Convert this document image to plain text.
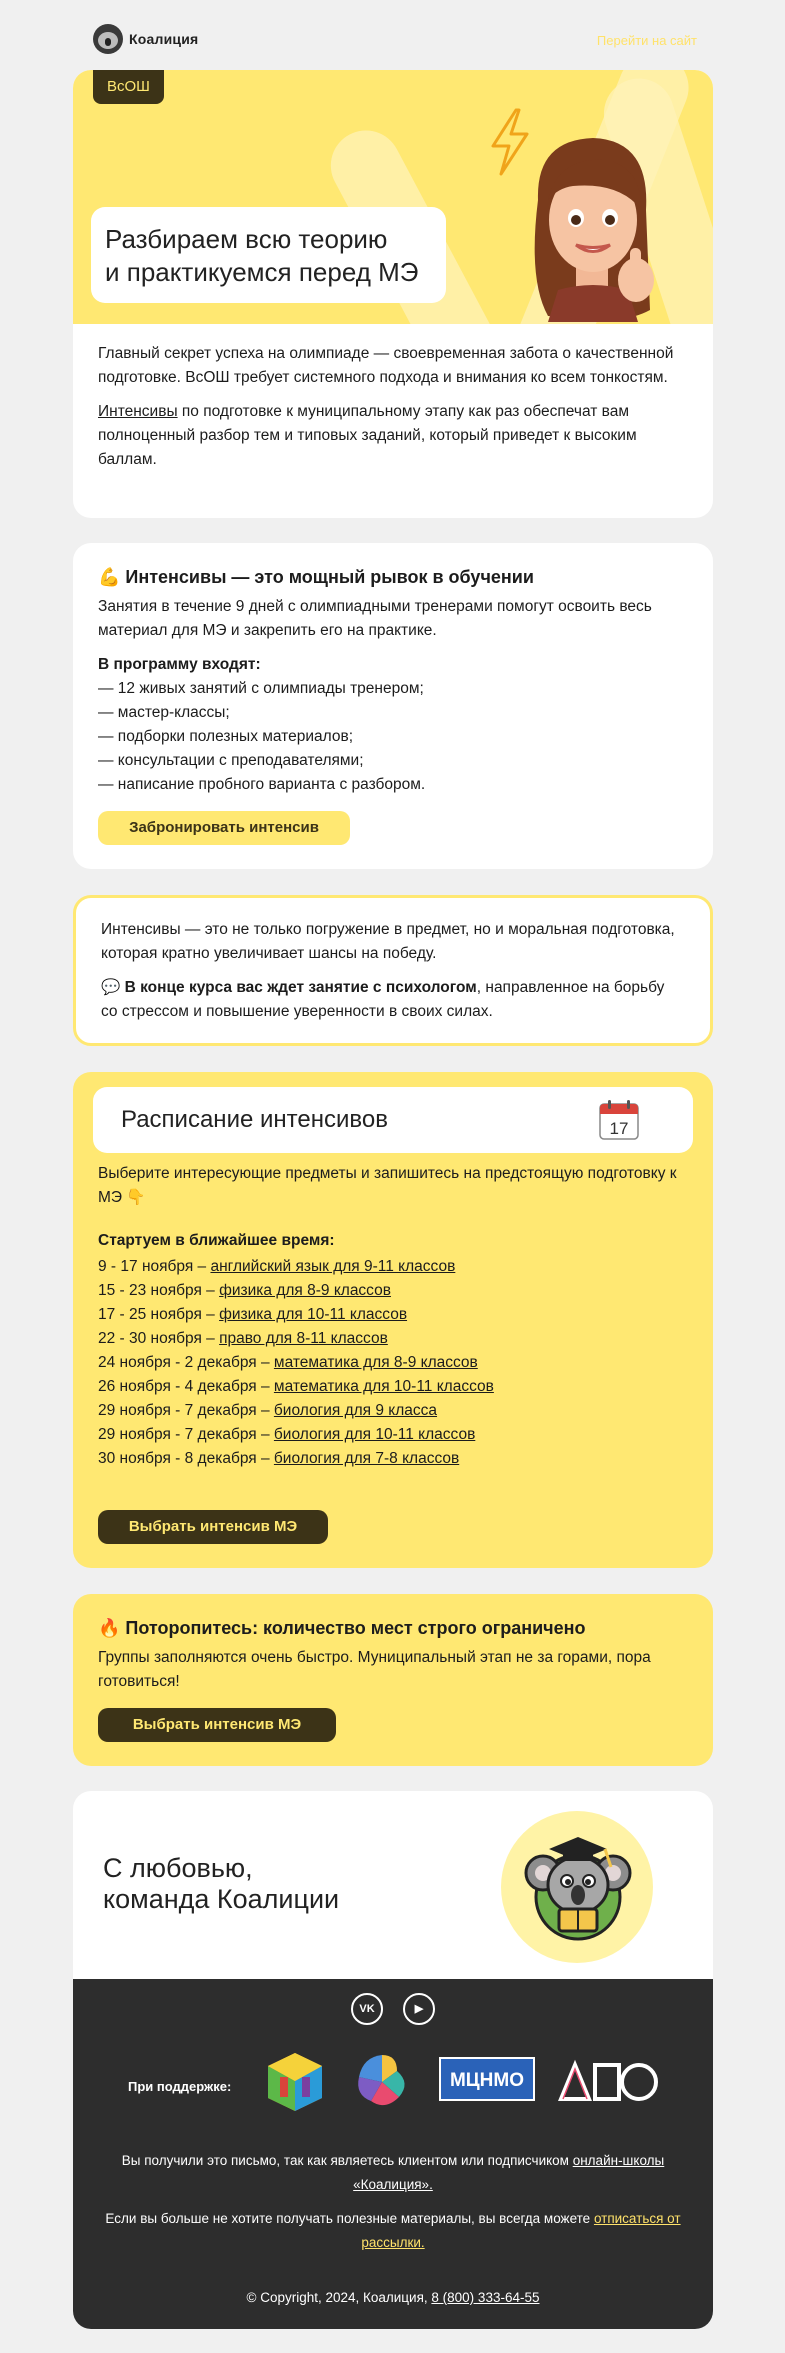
Коалиция	Перейти на сайт
ВсОШ
Разбираем всю теорию
и практикуемся перед МЭ

Главный секрет успеха на олимпиаде — своевременная забота о качественной подготовке. ВсОШ требует системного подхода и внимания ко всем тонкостям.

Интенсивы по подготовке к муниципальному этапу как раз обеспечат вам полноценный разбор тем и типовых заданий, который приведет к высоким баллам.

💪 Интенсивы — это мощный рывок в обучении
Занятия в течение 9 дней с олимпиадными тренерами помогут освоить весь материал для МЭ и закрепить его на практике.
В программу входят:
— 12 живых занятий с олимпиады тренером;
— мастер-классы;
— подборки полезных материалов;
— консультации с преподавателями;
— написание пробного варианта с разбором.
Забронировать интенсив
Интенсивы — это не только погружение в предмет, но и моральная подготовка, которая кратно увеличивает шансы на победу.
💬 В конце курса вас ждет занятие с психологом, направленное на борьбу со стрессом и повышение уверенности в своих силах.
Расписание интенсивов	17
Выберите интересующие предметы и запишитесь на предстоящую подготовку к МЭ 👇
Стартуем в ближайшее время:
9 - 17 ноября – английский язык для 9-11 классов
15 - 23 ноября – физика для 8-9 классов
17 - 25 ноября – физика для 10-11 классов
22 - 30 ноября – право для 8-11 классов
24 ноября - 2 декабря – математика для 8-9 классов
26 ноября - 4 декабря – математика для 10-11 классов
29 ноября - 7 декабря – биология для 9 класса
29 ноября - 7 декабря – биология для 10-11 классов
30 ноября - 8 декабря – биология для 7-8 классов
Выбрать интенсив МЭ
🔥 Поторопитесь: количество мест строго ограничено
Группы заполняются очень быстро. Муниципальный этап не за горами, пора готовиться!
Выбрать интенсив МЭ
С любовью,
команда Коалиции
VK	▶
При поддержке:	МЦНМО
Вы получили это письмо, так как являетесь клиентом или подписчиком онлайн-школы «Коалиция».
Если вы больше не хотите получать полезные материалы, вы всегда можете отписаться от рассылки.
© Copyright, 2024, Коалиция, 8 (800) 333-64-55
